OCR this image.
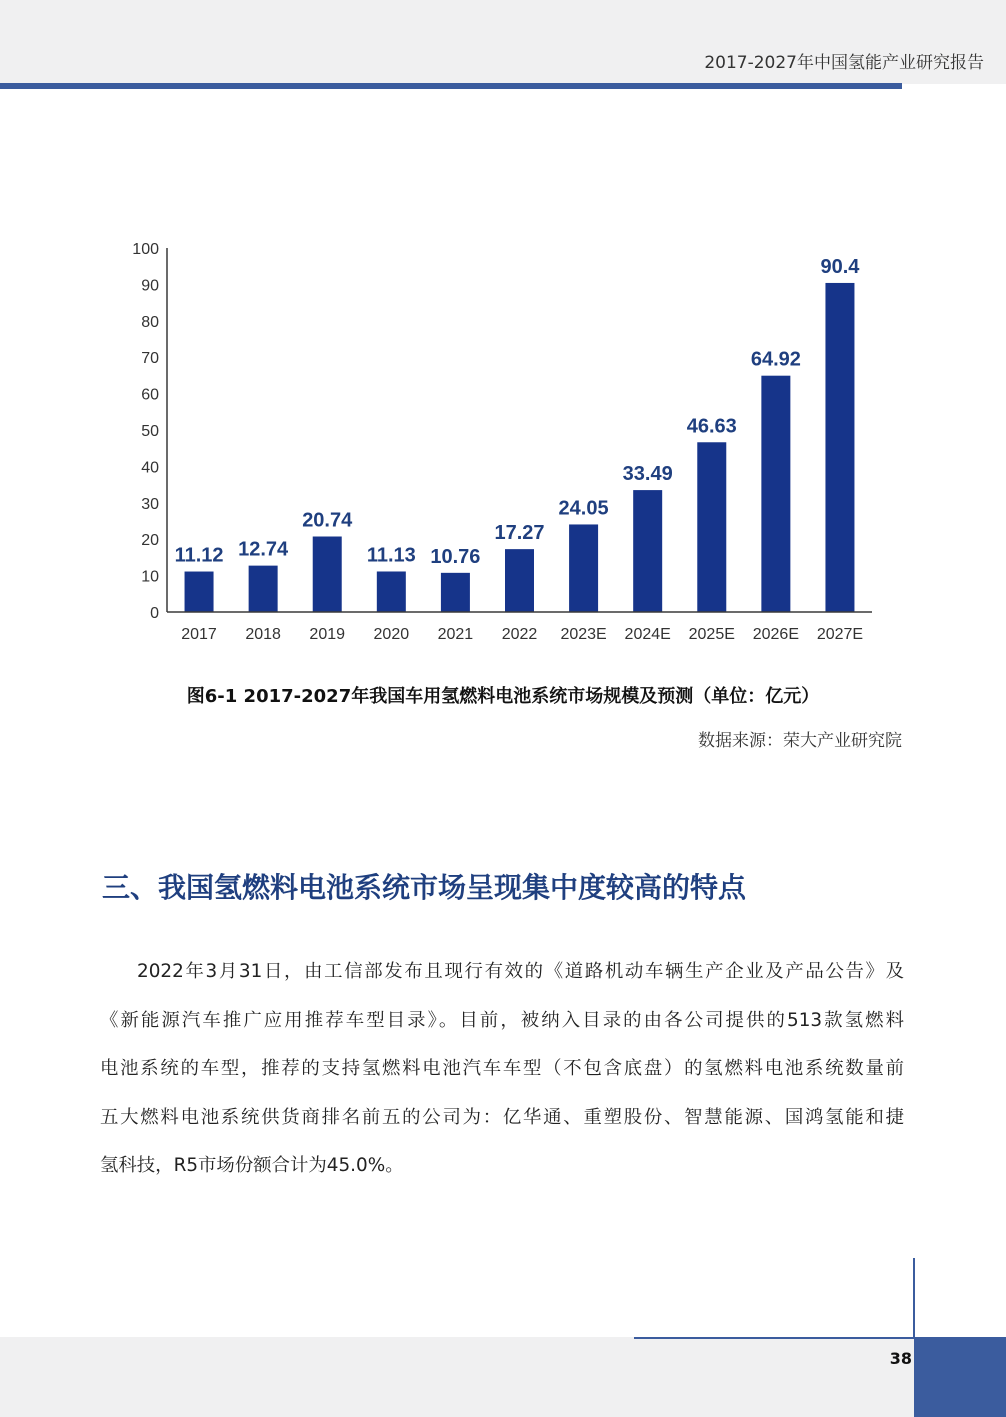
2017-2027年中国氢能产业研究报告
0
10
20
30
40
50
60
70
80
90
100
11.12 12.74
20.74
11.13 10.76
17.27
24.05
33.49
46.63
64.92
90.4
2017 2018 2019 2020 2021 2022 2023E 2024E 2025E 2026E 2027E
图6-1 2017-2027年我国车用氢燃料电池系统市场规模及预测（单位：亿元）
数据来源：荣大产业研究院
三、我国氢燃料电池系统市场呈现集中度较高的特点
2022年3月31日，由工信部发布且现行有效的《道路机动车辆生产企业及产品公告》及
《新能源汽车推广应用推荐车型目录》。目前，被纳入目录的由各公司提供的513款氢燃料
电池系统的车型，推荐的支持氢燃料电池汽车车型（不包含底盘）的氢燃料电池系统数量前
五大燃料电池系统供货商排名前五的公司为：亿华通、重塑股份、智慧能源、国鸿氢能和捷
氢科技，R5市场份额合计为45.0%。
38
